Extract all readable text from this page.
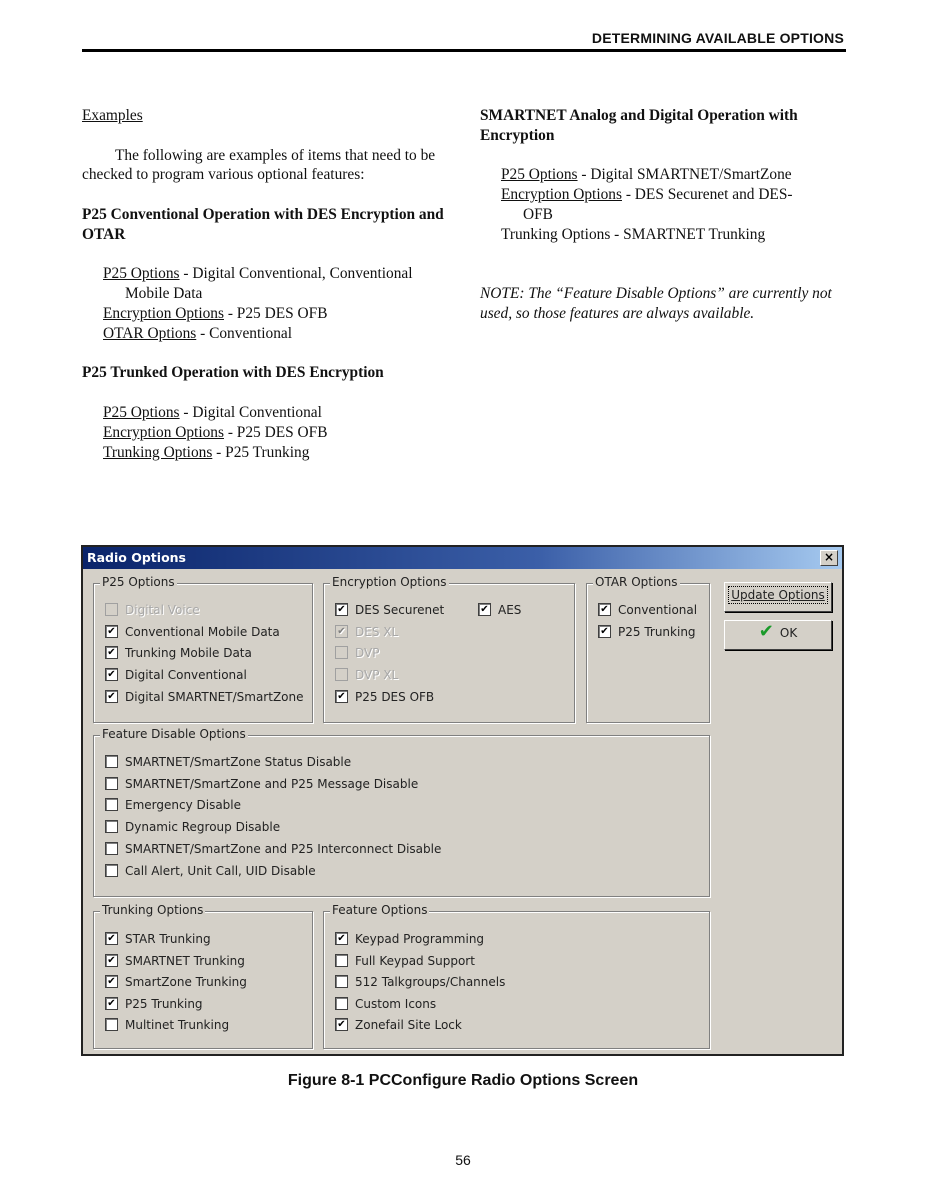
DETERMINING AVAILABLE OPTIONS

Examples

The following are examples of items that need to be checked to program various optional features:

P25 Conventional Operation with DES Encryption and OTAR

P25 Options - Digital Conventional, Conventional

Mobile Data

Encryption Options - P25 DES OFB

OTAR Options - Conventional

P25 Trunked Operation with DES Encryption

P25 Options - Digital Conventional

Encryption Options - P25 DES OFB

Trunking Options - P25 Trunking

SMARTNET Analog and Digital Operation with Encryption

P25 Options - Digital SMARTNET/SmartZone

Encryption Options - DES Securenet and DES-

OFB

Trunking Options - SMARTNET Trunking

NOTE: The “Feature Disable Options” are currently not used, so those features are always available.

Radio Options	×
P25 Options	Encryption Options	OTAR Options
Update Options
✔ OK
Feature Disable Options
Trunking Options	Feature Options
Digital Voice
✔Conventional Mobile Data
✔Trunking Mobile Data
✔Digital Conventional
✔Digital SMARTNET/SmartZone
✔DES Securenet
✔DES XL
DVP
DVP XL
✔P25 DES OFB
✔Conventional
✔P25 Trunking
SMARTNET/SmartZone Status Disable
SMARTNET/SmartZone and P25 Message Disable
Emergency Disable
Dynamic Regroup Disable
SMARTNET/SmartZone and P25 Interconnect Disable
Call Alert, Unit Call, UID Disable
✔STAR Trunking
✔SMARTNET Trunking
✔SmartZone Trunking
✔P25 Trunking
Multinet Trunking
✔Keypad Programming
Full Keypad Support
512 Talkgroups/Channels
Custom Icons
✔Zonefail Site Lock
✔AES
Figure 8-1 PCConfigure Radio Options Screen
56
